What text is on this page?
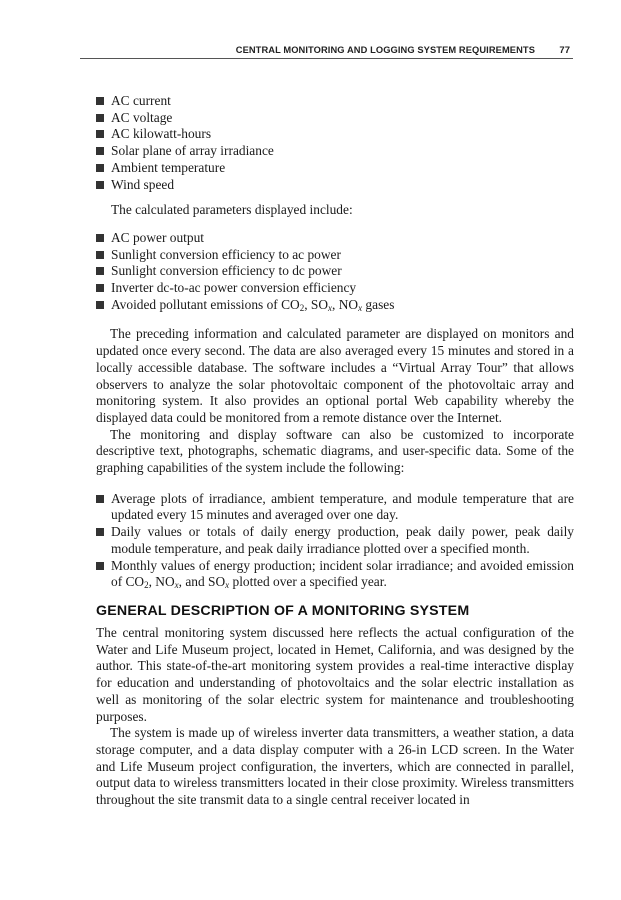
CENTRAL MONITORING AND LOGGING SYSTEM REQUIREMENTS	77
AC current
AC voltage
AC kilowatt-hours
Solar plane of array irradiance
Ambient temperature
Wind speed
The calculated parameters displayed include:
AC power output
Sunlight conversion efficiency to ac power
Sunlight conversion efficiency to dc power
Inverter dc-to-ac power conversion efficiency
Avoided pollutant emissions of $CO_2$, $SO_x$, $NO_x$ gases

The preceding information and calculated parameter are displayed on monitors and updated once every second. The data are also averaged every 15 minutes and stored in a locally accessible database. The software includes a “Virtual Array Tour” that allows observers to analyze the solar photovoltaic component of the photovoltaic array and monitoring system. It also provides an optional portal Web capability whereby the displayed data could be monitored from a remote distance over the Internet.

The monitoring and display software can also be customized to incorporate descriptive text, photographs, schematic diagrams, and user-specific data. Some of the graphing capabilities of the system include the following:

Average plots of irradiance, ambient temperature, and module temperature that are updated every 15 minutes and averaged over one day.
Daily values or totals of daily energy production, peak daily power, peak daily module temperature, and peak daily irradiance plotted over a specified month.
Monthly values of energy production; incident solar irradiance; and avoided emission of $CO_2$, $NO_x$, and $SO_x$ plotted over a specified year.
GENERAL DESCRIPTION OF A MONITORING SYSTEM

The central monitoring system discussed here reflects the actual configuration of the Water and Life Museum project, located in Hemet, California, and was designed by the author. This state-of-the-art monitoring system provides a real-time interactive display for education and understanding of photovoltaics and the solar electric installation as well as monitoring of the solar electric system for maintenance and troubleshooting purposes.

The system is made up of wireless inverter data transmitters, a weather station, a data storage computer, and a data display computer with a 26-in LCD screen. In the Water and Life Museum project configuration, the inverters, which are connected in parallel, output data to wireless transmitters located in their close proximity. Wireless transmitters throughout the site transmit data to a single central receiver located in
